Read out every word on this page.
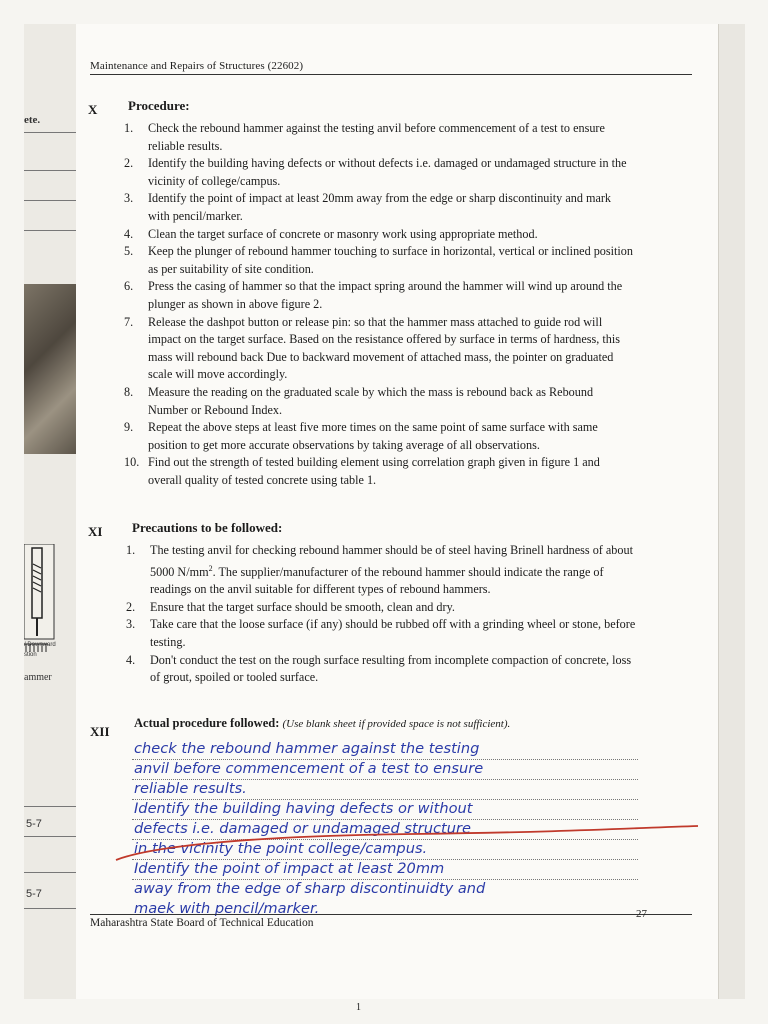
ete.
/ Downward
stion
ammer
5-7
5-7
Maintenance and Repairs of Structures (22602)
X Procedure:
1. Check the rebound hammer against the testing anvil before commencement of a test to ensure reliable results.
2. Identify the building having defects or without defects i.e. damaged or undamaged structure in the vicinity of college/campus.
3. Identify the point of impact at least 20mm away from the edge or sharp discontinuity and mark with pencil/marker.
4. Clean the target surface of concrete or masonry work using appropriate method.
5. Keep the plunger of rebound hammer touching to surface in horizontal, vertical or inclined position as per suitability of site condition.
6. Press the casing of hammer so that the impact spring around the hammer will wind up around the plunger as shown in above figure 2.
7. Release the dashpot button or release pin: so that the hammer mass attached to guide rod will impact on the target surface. Based on the resistance offered by surface in terms of hardness, this mass will rebound back Due to backward movement of attached mass, the pointer on graduated scale will move accordingly.
8. Measure the reading on the graduated scale by which the mass is rebound back as Rebound Number or Rebound Index.
9. Repeat the above steps at least five more times on the same point of same surface with same position to get more accurate observations by taking average of all observations.
10. Find out the strength of tested building element using correlation graph given in figure 1 and overall quality of tested concrete using table 1.
XI Precautions to be followed:
1. The testing anvil for checking rebound hammer should be of steel having Brinell hardness of about 5000 $N/mm^2$. The supplier/manufacturer of the rebound hammer should indicate the range of readings on the anvil suitable for different types of rebound hammers.
2. Ensure that the target surface should be smooth, clean and dry.
3. Take care that the loose surface (if any) should be rubbed off with a grinding wheel or stone, before testing.
4. Don't conduct the test on the rough surface resulting from incomplete compaction of concrete, loss of grout, spoiled or tooled surface.
XII
Actual procedure followed: (Use blank sheet if provided space is not sufficient).
check the rebound hammer against the testing
anvil before commencement of a test to ensure
reliable results.
Identify the building having defects or without
defects i.e. damaged or undamaged structure
in the vicinity the point college/campus.
Identify the point of impact at least 20mm
away from the edge of sharp discontinuidty and
maek with pencil/marker.
Maharashtra State Board of Technical Education
27
1
